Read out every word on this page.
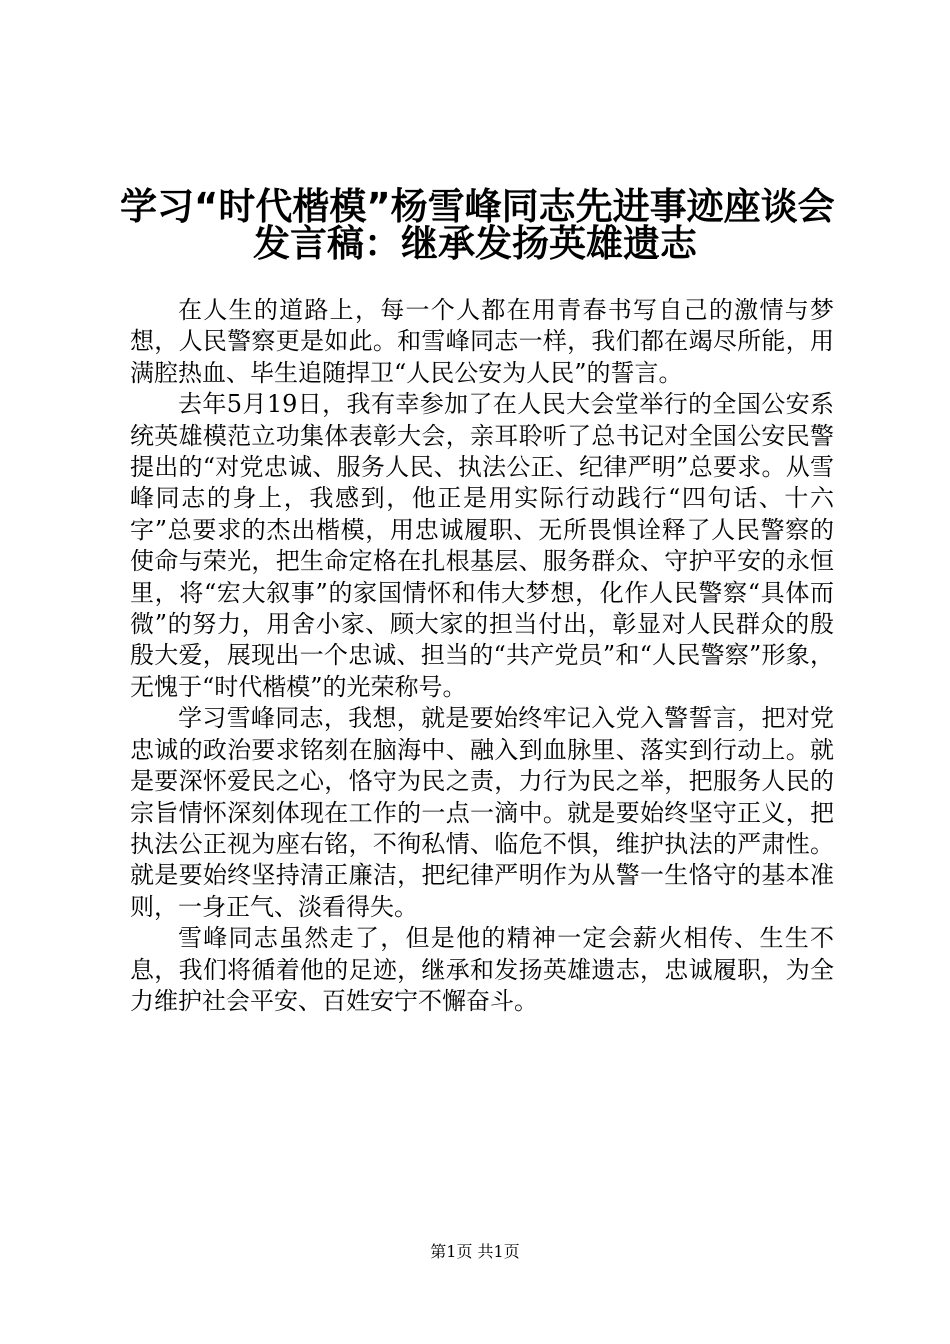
学习“时代楷模”杨雪峰同志先进事迹座谈会
发言稿：继承发扬英雄遗志

在人生的道路上，每一个人都在用青春书写自己的激情与梦想，人民警察更是如此。和雪峰同志一样，我们都在竭尽所能，用满腔热血、毕生追随捍卫“人民公安为人民”的誓言。

去年5月19日，我有幸参加了在人民大会堂举行的全国公安系统英雄模范立功集体表彰大会，亲耳聆听了总书记对全国公安民警提出的“对党忠诚、服务人民、执法公正、纪律严明”总要求。从雪峰同志的身上，我感到，他正是用实际行动践行“四句话、十六字”总要求的杰出楷模，用忠诚履职、无所畏惧诠释了人民警察的使命与荣光，把生命定格在扎根基层、服务群众、守护平安的永恒里，将“宏大叙事”的家国情怀和伟大梦想，化作人民警察“具体而微”的努力，用舍小家、顾大家的担当付出，彰显对人民群众的殷殷大爱，展现出一个忠诚、担当的“共产党员”和“人民警察”形象，无愧于“时代楷模”的光荣称号。

学习雪峰同志，我想，就是要始终牢记入党入警誓言，把对党忠诚的政治要求铭刻在脑海中、融入到血脉里、落实到行动上。就是要深怀爱民之心，恪守为民之责，力行为民之举，把服务人民的宗旨情怀深刻体现在工作的一点一滴中。就是要始终坚守正义，把执法公正视为座右铭，不徇私情、临危不惧，维护执法的严肃性。就是要始终坚持清正廉洁，把纪律严明作为从警一生恪守的基本准则，一身正气、淡看得失。

雪峰同志虽然走了，但是他的精神一定会薪火相传、生生不息，我们将循着他的足迹，继承和发扬英雄遗志，忠诚履职，为全力维护社会平安、百姓安宁不懈奋斗。

第1页 共1页
